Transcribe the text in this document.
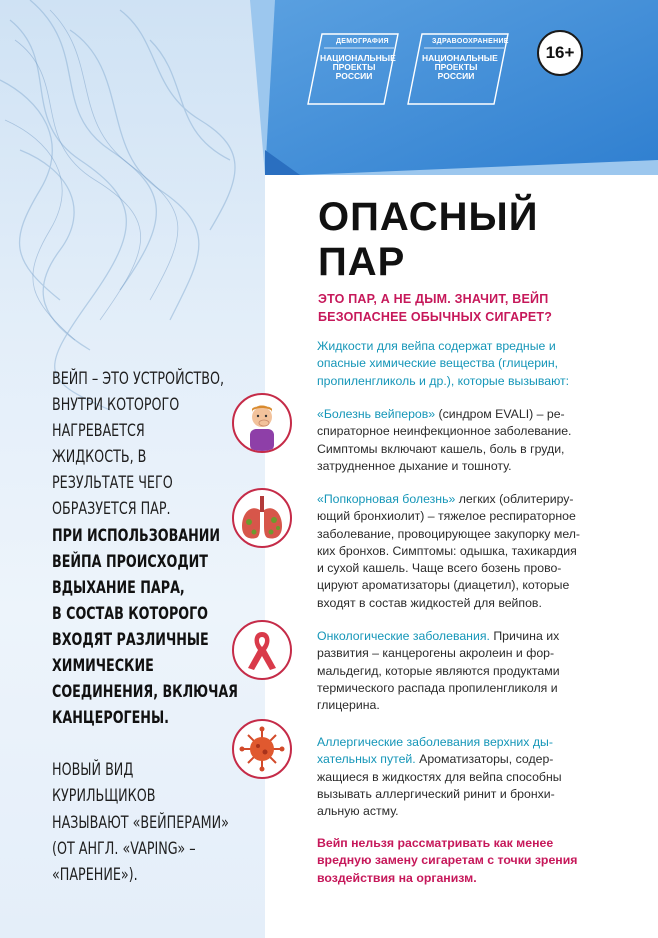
ДЕМОГРАФИЯ
НАЦИОНАЛЬНЫЕ
ПРОЕКТЫ
РОССИИ
ЗДРАВООХРАНЕНИЕ
НАЦИОНАЛЬНЫЕ
ПРОЕКТЫ
РОССИИ
16+

ВЕЙП – ЭТО УСТРОЙСТВО,

ВНУТРИ КОТОРОГО

НАГРЕВАЕТСЯ

ЖИДКОСТЬ, В

РЕЗУЛЬТАТЕ ЧЕГО

ОБРАЗУЕТСЯ ПАР.

ПРИ ИСПОЛЬЗОВАНИИ

ВЕЙПА ПРОИСХОДИТ

ВДЫХАНИЕ ПАРА,

В СОСТАВ КОТОРОГО

ВХОДЯТ РАЗЛИЧНЫЕ

ХИМИЧЕСКИЕ

СОЕДИНЕНИЯ, ВКЛЮЧАЯ

КАНЦЕРОГЕНЫ.

НОВЫЙ ВИД

КУРИЛЬЩИКОВ

НАЗЫВАЮТ «ВЕЙПЕРАМИ»

(ОТ АНГЛ. «VAPING» –

«ПАРЕНИЕ»).

ОПАСНЫЙ
ПАР
ЭТО ПАР, А НЕ ДЫМ. ЗНАЧИТ, ВЕЙП
БЕЗОПАСНЕЕ ОБЫЧНЫХ СИГАРЕТ?
Жидкости для вейпа содержат вредные и
опасные химические вещества (глицерин,
пропиленгликоль и др.), которые вызывают:
«Болезнь вейперов» (синдром EVALI) – ре-
спираторное неинфекционное заболевание.
Симптомы включают кашель, боль в груди,
затрудненное дыхание и тошноту.
«Попкорновая болезнь» легких (облитериру-
ющий бронхиолит) – тяжелое респираторное
заболевание, провоцирующее закупорку мел-
ких бронхов. Симптомы: одышка, тахикардия
и сухой кашель. Чаще всего бозень прово-
цируют ароматизаторы (диацетил), которые
входят в состав жидкостей для вейпов.
Онкологические заболевания. Причина их
развития – канцерогены акролеин и фор-
мальдегид, которые являются продуктами
термического распада пропиленгликоля и
глицерина.
Аллергические заболевания верхних ды-
хательных путей. Ароматизаторы, содер-
жащиеся в жидкостях для вейпа способны
вызывать аллергический ринит и бронхи-
альную астму.
Вейп нельзя рассматривать как менее
вредную замену сигаретам с точки зрения
воздействия на организм.
